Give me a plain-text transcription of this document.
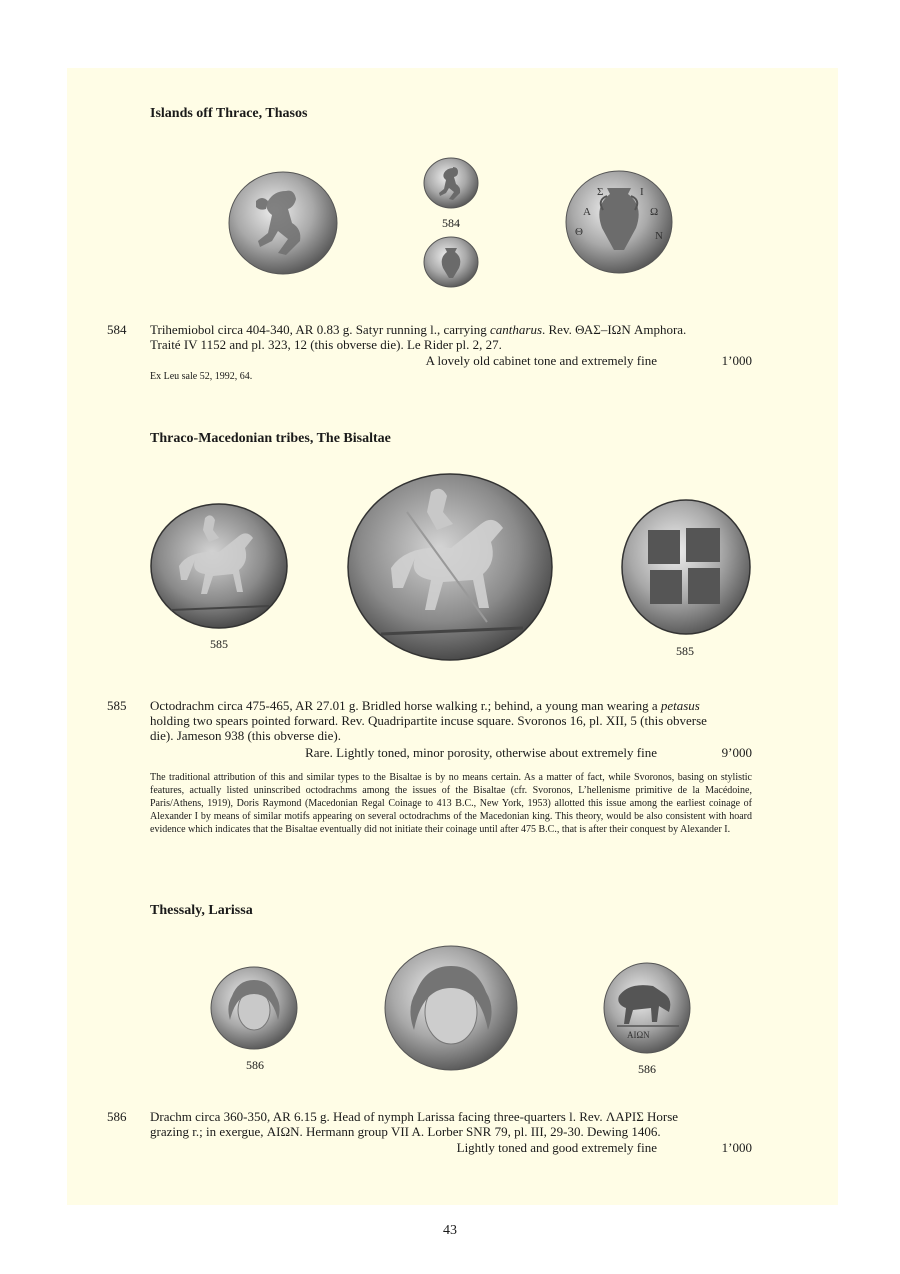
Islands off Thrace, Thasos
584
Θ
Α
Σ	Ι
Ω
Ν
584 Trihemiobol circa 404-340, AR 0.83 g. Satyr running l., carrying cantharus. Rev. ΘΑΣ–ΙΩΝ Amphora.
Traité IV 1152 and pl. 323, 12 (this obverse die). Le Rider pl. 2, 27.
A lovely old cabinet tone and extremely fine	1’000
Ex Leu sale 52, 1992, 64.
Thraco-Macedonian tribes, The Bisaltae
585	585
585 Octodrachm circa 475-465, AR 27.01 g. Bridled horse walking r.; behind, a young man wearing a petasus
holding two spears pointed forward. Rev. Quadripartite incuse square. Svoronos 16, pl. XII, 5 (this obverse
die). Jameson 938 (this obverse die).
Rare. Lightly toned, minor porosity, otherwise about extremely fine	9’000
The traditional attribution of this and similar types to the Bisaltae is by no means certain. As a matter of fact, while Svoronos, basing on stylistic features, actually listed uninscribed octodrachms among the issues of the Bisaltae (cfr. Svoronos, L’hellenisme primitive de la Macédoine, Paris/Athens, 1919), Doris Raymond (Macedonian Regal Coinage to 413 B.C., New York, 1953) allotted this issue among the earliest coinage of Alexander I by means of similar motifs appearing on several octodrachms of the Macedonian king. This theory, would be also consistent with hoard evidence which indicates that the Bisaltae eventually did not initiate their coinage until after 475 B.C., that is after their conquest by Alexander I.
Thessaly, Larissa
586
ΑΙΩΝ
586
586 Drachm circa 360-350, AR 6.15 g. Head of nymph Larissa facing three-quarters l. Rev. ΛΑΡΙΣ Horse
grazing r.; in exergue, ΑΙΩΝ. Hermann group VII A. Lorber SNR 79, pl. III, 29-30. Dewing 1406.
Lightly toned and good extremely fine	1’000
43
